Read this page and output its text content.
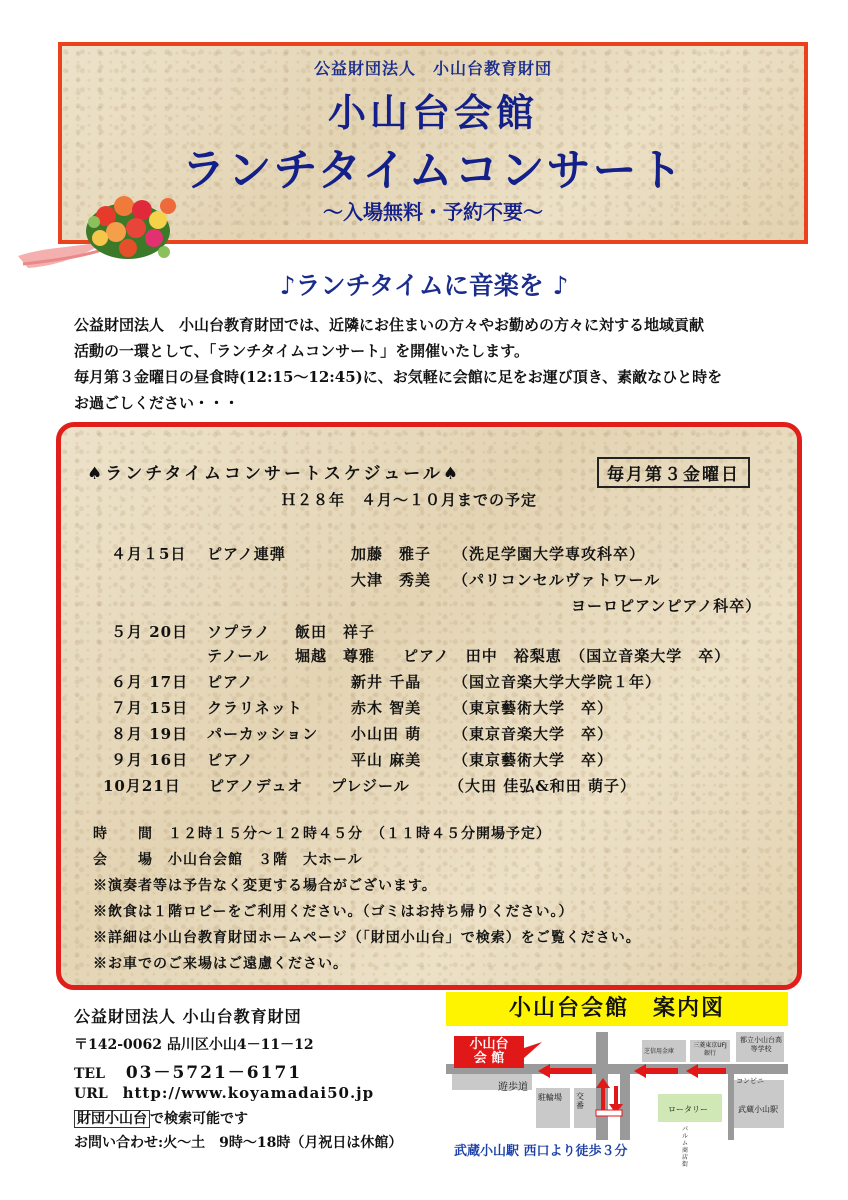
公益財団法人　小山台教育財団
小山台会館
ランチタイムコンサート
～入場無料・予約不要～
♪ランチタイムに音楽を ♪
公益財団法人　小山台教育財団では、近隣にお住まいの方々やお勤めの方々に対する地域貢献
活動の一環として、「ランチタイムコンサート」を開催いたします。
毎月第３金曜日の昼食時(12:15～12:45)に、お気軽に会館に足をお運び頂き、素敵なひと時を
お過ごしください・・・
♠ランチタイムコンサートスケジュール♠	毎月第３金曜日
Ｈ２８年　４月～１０月までの予定
４月１5日 ピアノ連弾	加藤　雅子 （洗足学園大学専攻科卒）
大津　秀美 （パリコンセルヴァトワール
ヨーロピアンピアノ科卒）
５月 20日 ソプラノ 飯田　祥子
テノール 堀越　尊雅 ピアノ　田中　裕梨恵　（国立音楽大学　卒）
６月 17日 ピアノ	新井 千晶 （国立音楽大学大学院１年）
７月 15日 クラリネット	赤木 智美 （東京藝術大学　卒）
８月 19日 パーカッション 小山田 萌 （東京音楽大学　卒）
９月 16日 ピアノ	平山 麻美 （東京藝術大学　卒）
10月21日 ピアノデュオ プレジール	（大田 佳弘&和田 萌子）
時　　間　１２時１５分～１２時４５分　（１１時４５分開場予定）
会　　場　小山台会館　３階　大ホール
※演奏者等は予告なく変更する場合がございます。
※飲食は１階ロビーをご利用ください。（ゴミはお持ち帰りください。）
※詳細は小山台教育財団ホームページ（「財団小山台」で検索）をご覧ください。
※お車でのご来場はご遠慮ください。
公益財団法人 小山台教育財団
〒142-0062 品川区小山4－11－12
TEL 03－5721－6171
URL http://www.koyamadai50.jp
財団小山台 で検索可能です
お問い合わせ:火～土　9時～18時（月祝日は休館）
小山台会館　案内図
小山台
会 館
遊歩道
駐輪場 交番
都立小山台高等学校
芝信用金庫
三菱東京UFJ銀行
コンビニ
武蔵小山駅
ロータリー
パルム商店街
武蔵小山駅 西口より徒歩３分
